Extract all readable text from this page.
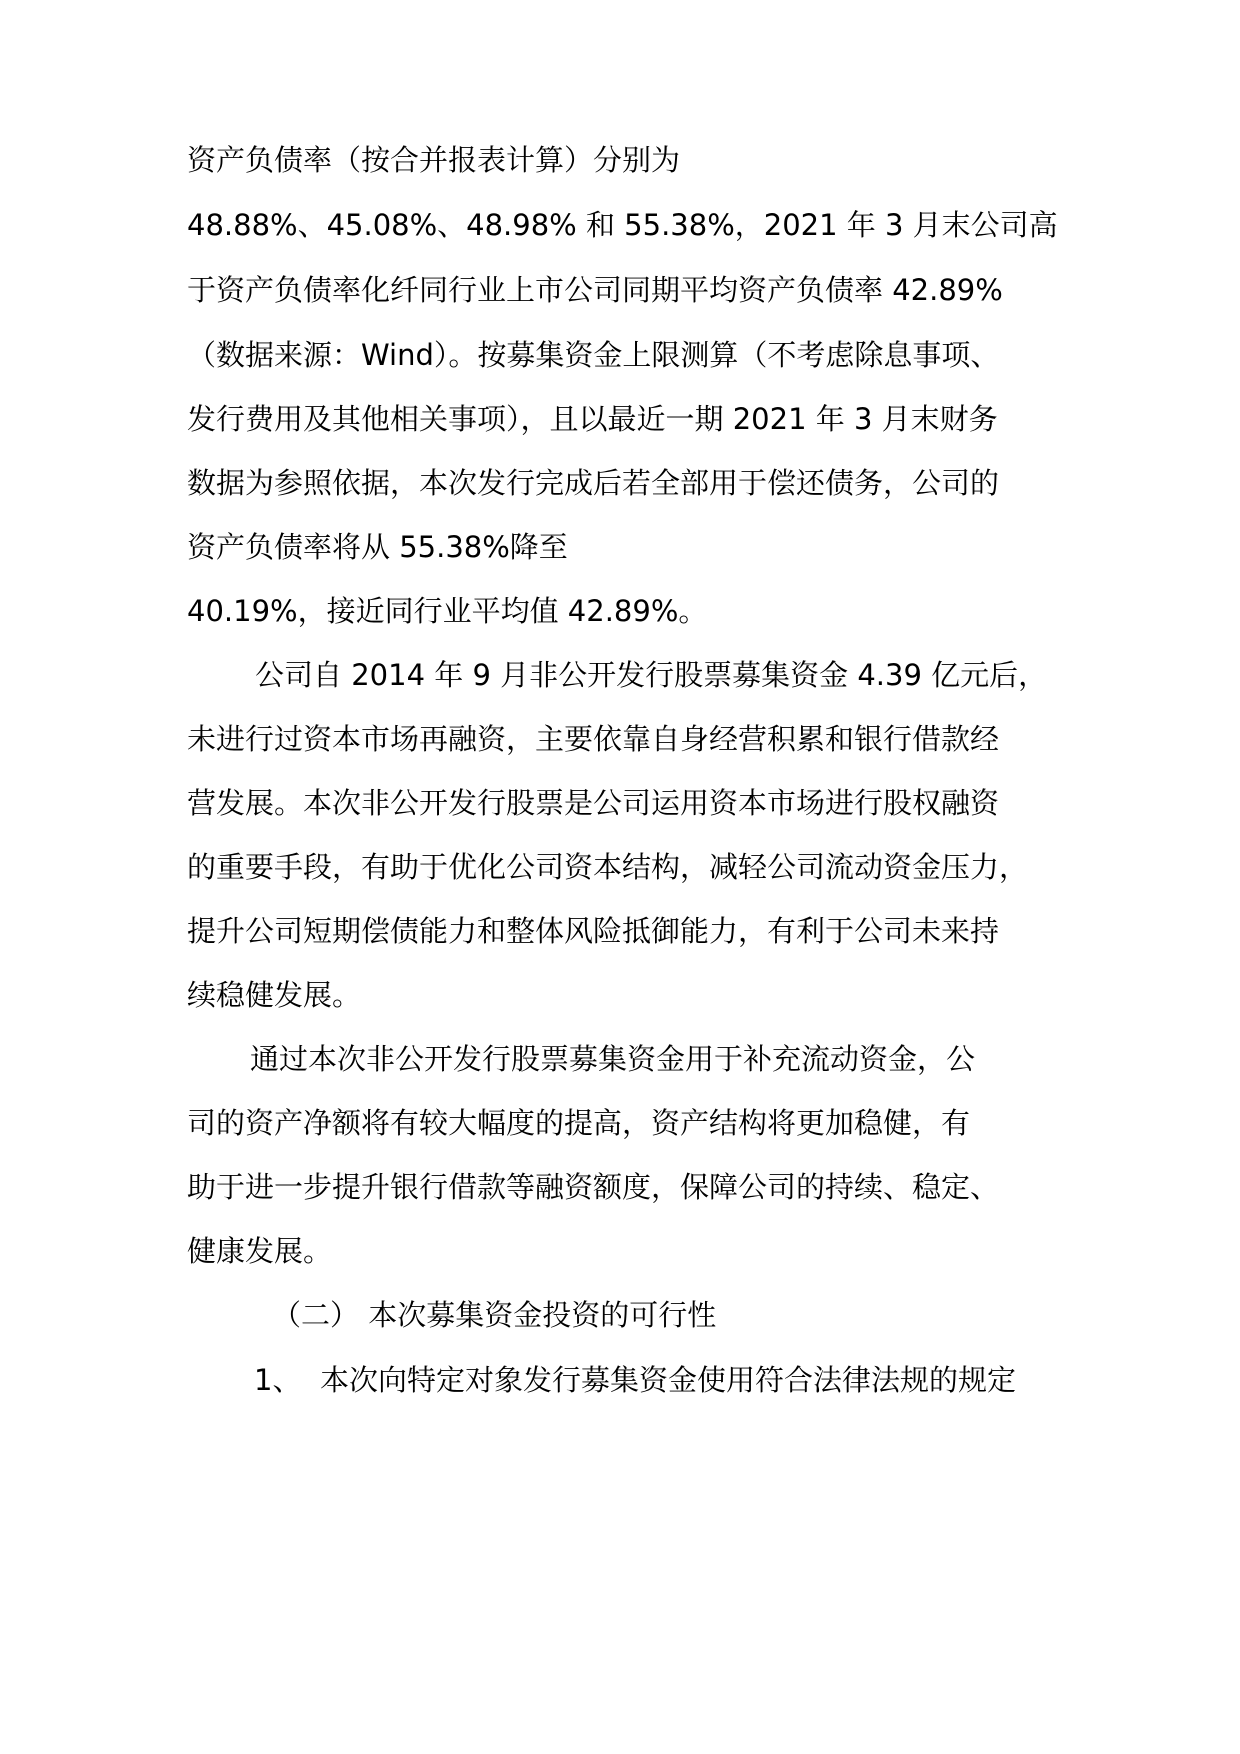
资产负债率（按合并报表计算）分别为
48.88%、45.08%、48.98% 和 55.38%，2021 年 3 月末公司高
于资产负债率化纤同行业上市公司同期平均资产负债率 42.89%
（数据来源：Wind）。按募集资金上限测算（不考虑除息事项、
发行费用及其他相关事项），且以最近一期 2021 年 3 月末财务
数据为参照依据，本次发行完成后若全部用于偿还债务，公司的
资产负债率将从 55.38%降至
40.19%，接近同行业平均值 42.89%。
公司自 2014 年 9 月非公开发行股票募集资金 4.39 亿元后，
未进行过资本市场再融资，主要依靠自身经营积累和银行借款经
营发展。本次非公开发行股票是公司运用资本市场进行股权融资
的重要手段，有助于优化公司资本结构，减轻公司流动资金压力，
提升公司短期偿债能力和整体风险抵御能力，有利于公司未来持
续稳健发展。
通过本次非公开发行股票募集资金用于补充流动资金，公
司的资产净额将有较大幅度的提高，资产结构将更加稳健，有
助于进一步提升银行借款等融资额度，保障公司的持续、稳定、
健康发展。
（二） 本次募集资金投资的可行性
1、 本次向特定对象发行募集资金使用符合法律法规的规定
